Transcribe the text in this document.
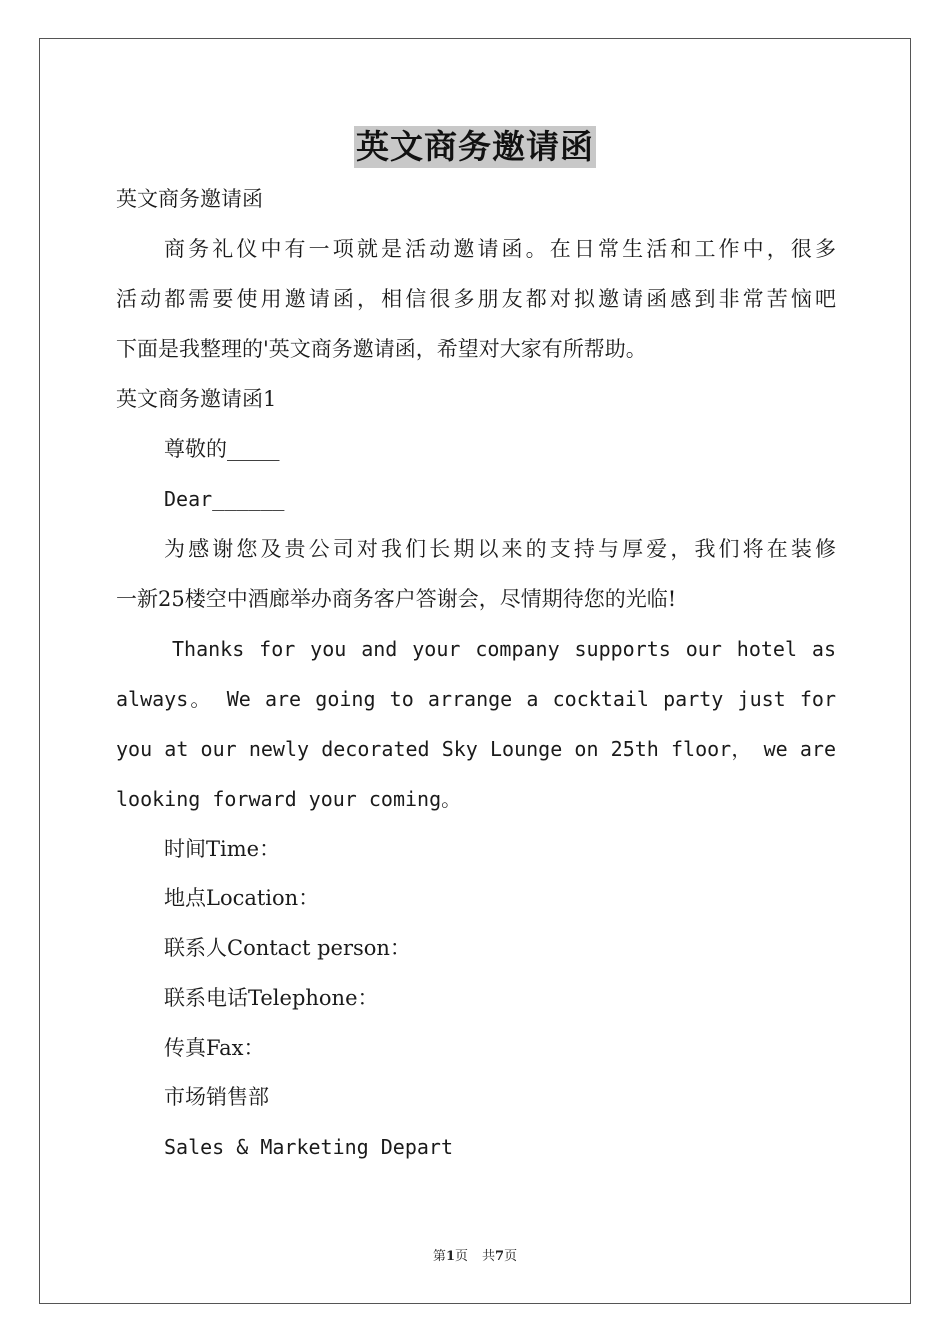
英文商务邀请函
英文商务邀请函
商务礼仪中有一项就是活动邀请函。在日常生活和工作中，很多
活动都需要使用邀请函，相信很多朋友都对拟邀请函感到非常苦恼吧
下面是我整理的'英文商务邀请函，希望对大家有所帮助。
英文商务邀请函1
尊敬的_____
Dear______
为感谢您及贵公司对我们长期以来的支持与厚爱，我们将在装修
一新25楼空中酒廊举办商务客户答谢会，尽情期待您的光临!
Thanks for you and your company supports our hotel as
always。 We are going to arrange a cocktail party just for
you at our newly decorated Sky Lounge on 25th floor， we are
looking forward your coming。
时间Time：
地点Location：
联系人Contact person：
联系电话Telephone：
传真Fax：
市场销售部
Sales & Marketing Depart
第1页 共7页
